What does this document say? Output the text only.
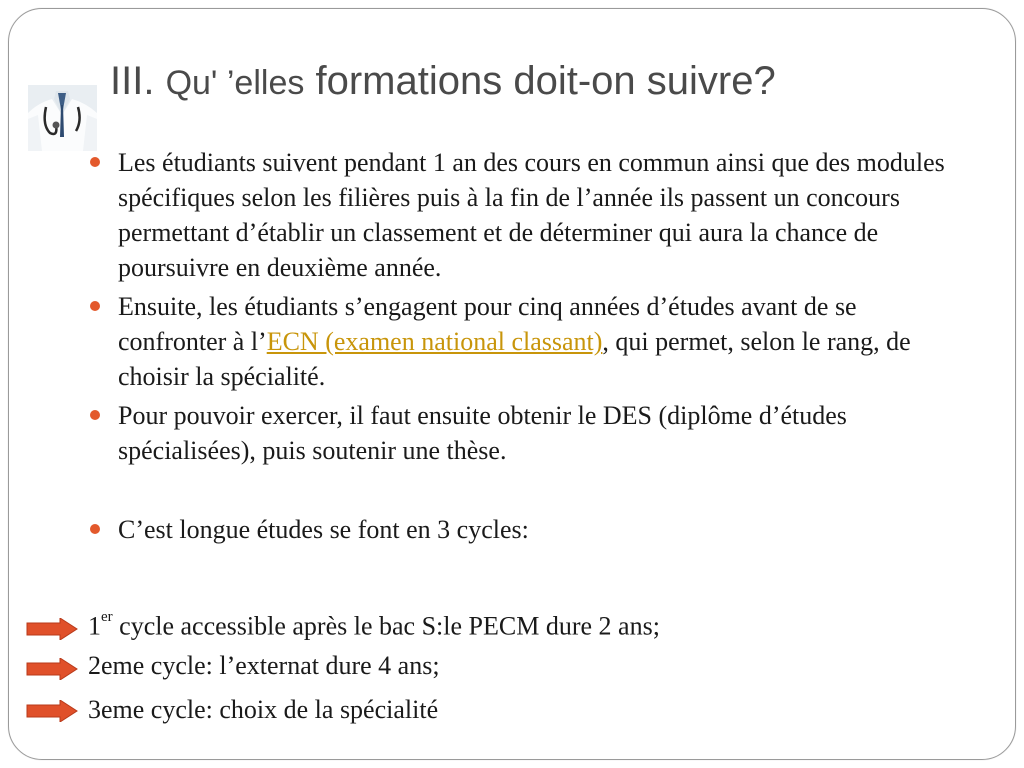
III. Qu' ’elles formations doit-on suivre?
Les étudiants suivent pendant 1 an des cours en commun ainsi que des modules spécifiques selon les filières puis à la fin de l’année ils passent un concours permettant d’établir un classement et de déterminer qui aura la chance de poursuivre en deuxième année.
Ensuite, les étudiants s’engagent pour cinq années d’études avant de se confronter à l’ECN (examen national classant), qui permet, selon le rang, de choisir la spécialité.
Pour pouvoir exercer, il faut ensuite obtenir le DES (diplôme d’études spécialisées), puis soutenir une thèse.
C’est longue études se font en 3 cycles:
1er cycle accessible après le bac S:le PECM dure 2 ans;
2eme cycle: l’externat dure 4 ans;
3eme cycle: choix de la spécialité
